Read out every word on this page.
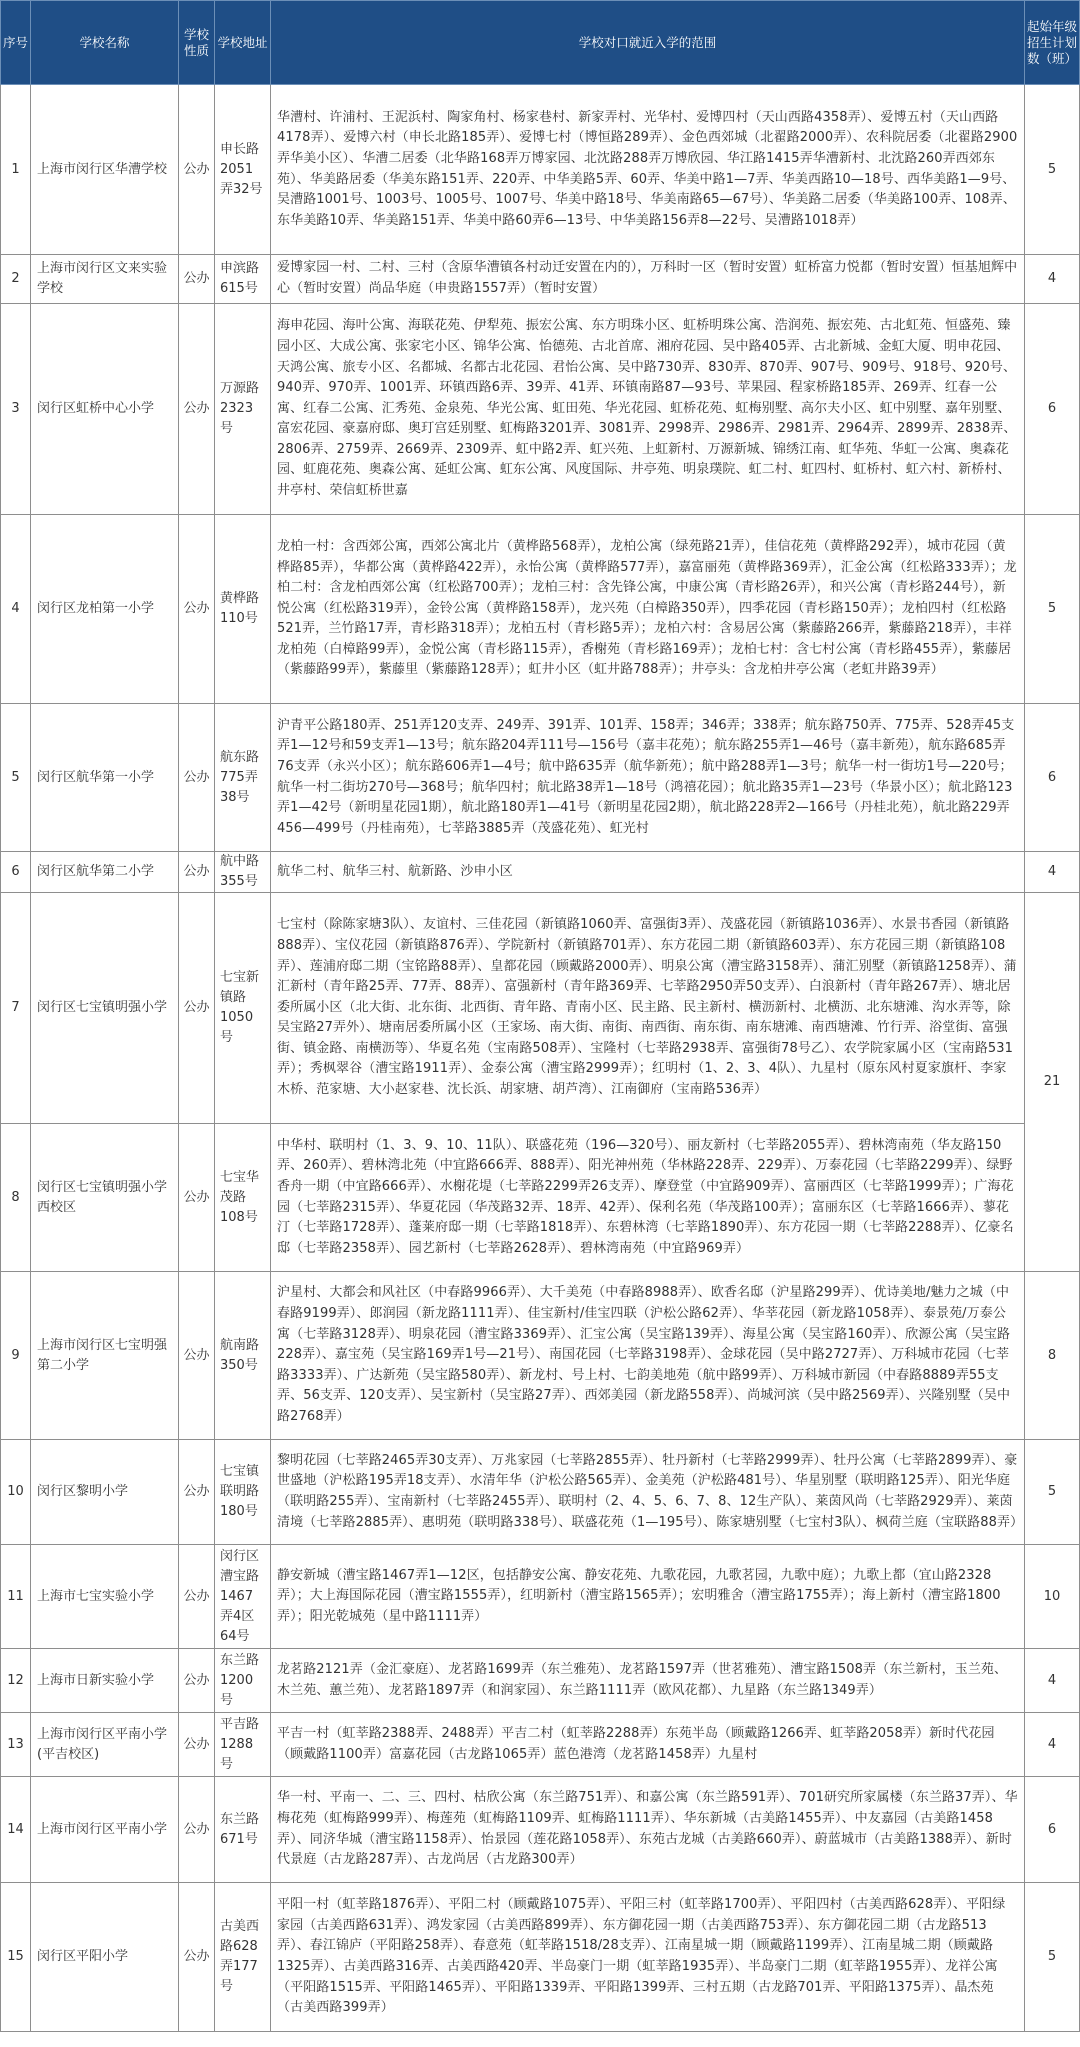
序号	学校名称	学校性质	学校地址	学校对口就近入学的范围	起始年级招生计划数（班）
1	上海市闵行区华漕学校	公办	申长路2051弄32号	华漕村、许浦村、王泥浜村、陶家角村、杨家巷村、新家弄村、光华村、爱博四村（天山西路4358弄）、爱博五村（天山西路4178弄）、爱博六村（申长北路185弄）、爱博七村（博恒路289弄）、金色西郊城（北翟路2000弄）、农科院居委（北翟路2900弄华美小区）、华漕二居委（北华路168弄万博家园、北沈路288弄万博欣园、华江路1415弄华漕新村、北沈路260弄西郊东苑）、华美路居委（华美东路151弄、220弄、中华美路5弄、60弄、华美中路1—7弄、华美西路10—18号、西华美路1—9号、吴漕路1001号、1003号、1005号、1007号、华美中路18号、华美南路65—67号）、华美路二居委（华美路100弄、108弄、东华美路10弄、华美路151弄、华美中路60弄6—13号、中华美路156弄8—22号、吴漕路1018弄）	5
2	上海市闵行区文来实验学校	公办	申滨路615号	爱博家园一村、二村、三村（含原华漕镇各村动迁安置在内的），万科时一区（暂时安置）虹桥富力悦都（暂时安置）恒基旭辉中心（暂时安置）尚品华庭（申贵路1557弄）（暂时安置）	4
3	闵行区虹桥中心小学	公办	万源路2323号	海申花园、海叶公寓、海联花苑、伊犁苑、振宏公寓、东方明珠小区、虹桥明珠公寓、浩润苑、振宏苑、古北虹苑、恒盛苑、臻园小区、大成公寓、张家宅小区、锦华公寓、怡德苑、古北首席、湘府花园、吴中路405弄、古北新城、金虹大厦、明申花园、天鸿公寓、旅专小区、名都城、名都古北花园、君怡公寓、吴中路730弄、830弄、870弄、907号、909号、918号、920号、940弄、970弄、1001弄、环镇西路6弄、39弄、41弄、环镇南路87—93号、苹果园、程家桥路185弄、269弄、红春一公寓、红春二公寓、汇秀苑、金泉苑、华光公寓、虹田苑、华光花园、虹桥花苑、虹梅别墅、高尔夫小区、虹中别墅、嘉年别墅、富宏花园、豪嘉府邸、奥玎宫廷别墅、虹梅路3201弄、3081弄、2998弄、2986弄、2981弄、2964弄、2899弄、2838弄、2806弄、2759弄、2669弄、2309弄、虹中路2弄、虹兴苑、上虹新村、万源新城、锦绣江南、虹华苑、华虹一公寓、奥森花园、虹鹿花苑、奥森公寓、延虹公寓、虹东公寓、风度国际、井亭苑、明泉璞院、虹二村、虹四村、虹桥村、虹六村、新桥村、井亭村、荣信虹桥世嘉	6
4	闵行区龙柏第一小学	公办	黄桦路110号	龙柏一村：含西郊公寓，西郊公寓北片（黄桦路568弄），龙柏公寓（绿苑路21弄），佳信花苑（黄桦路292弄），城市花园（黄桦路85弄），华都公寓（黄桦路422弄），永怡公寓（黄桦路577弄），嘉富丽苑（黄桦路369弄），汇金公寓（红松路333弄）；龙柏二村：含龙柏西郊公寓（红松路700弄）；龙柏三村：含先锋公寓，中康公寓（青杉路26弄），和兴公寓（青杉路244号），新悦公寓（红松路319弄），金铃公寓（黄桦路158弄），龙兴苑（白樟路350弄），四季花园（青杉路150弄）；龙柏四村（红松路521弄，兰竹路17弄，青杉路318弄）；龙柏五村（青杉路5弄）；龙柏六村：含易居公寓（紫藤路266弄，紫藤路218弄），丰祥龙柏苑（白樟路99弄），金悦公寓（青杉路115弄），香榭苑（青杉路169弄）；龙柏七村：含七村公寓（青杉路455弄），紫藤居（紫藤路99弄），紫藤里（紫藤路128弄）；虹井小区（虹井路788弄）；井亭头：含龙柏井亭公寓（老虹井路39弄）	5
5	闵行区航华第一小学	公办	航东路775弄38号	沪青平公路180弄、251弄120支弄、249弄、391弄、101弄、158弄；346弄；338弄；航东路750弄、775弄、528弄45支弄1—12号和59支弄1—13号；航东路204弄111号—156号（嘉丰花苑）；航东路255弄1—46号（嘉丰新苑），航东路685弄76支弄（永兴小区）；航东路606弄1—4号；航中路635弄（航华新苑）；航中路288弄1—3号；航华一村一街坊1号—220号；航华一村二街坊270号—368号；航华四村；航北路38弄1—18号（鸿禧花园）；航北路35弄1—23号（华景小区）；航北路123弄1—42号（新明星花园1期），航北路180弄1—41号（新明星花园2期），航北路228弄2—166号（丹桂北苑），航北路229弄456—499号（丹桂南苑），七莘路3885弄（茂盛花苑）、虹光村	6
6	闵行区航华第二小学	公办	航中路355号	航华二村、航华三村、航新路、沙申小区	4
7	闵行区七宝镇明强小学	公办	七宝新镇路1050号	七宝村（除陈家塘3队）、友谊村、三佳花园（新镇路1060弄、富强街3弄）、茂盛花园（新镇路1036弄）、水景书香园（新镇路888弄）、宝仪花园（新镇路876弄）、学院新村（新镇路701弄）、东方花园二期（新镇路603弄）、东方花园三期（新镇路108弄）、莲浦府邸二期（宝铭路88弄）、皇都花园（顾戴路2000弄）、明泉公寓（漕宝路3158弄）、蒲汇别墅（新镇路1258弄）、蒲汇新村（青年路25弄、77弄、88弄）、富强新村（青年路369弄、七莘路2950弄50支弄）、白浪新村（青年路267弄）、塘北居委所属小区（北大街、北东街、北西街、青年路、青南小区、民主路、民主新村、横沥新村、北横沥、北东塘滩、沟水弄等，除吴宝路27弄外）、塘南居委所属小区（王家场、南大街、南街、南西街、南东街、南东塘滩、南西塘滩、竹行弄、浴堂街、富强街、镇金路、南横沥等）、华夏名苑（宝南路508弄）、宝隆村（七莘路2938弄、富强街78号乙）、农学院家属小区（宝南路531弄）；秀枫翠谷（漕宝路1911弄）、金泰公寓（漕宝路2999弄）；红明村（1、2、3、4队）、九星村（原东风村夏家旗杆、李家木桥、范家塘、大小赵家巷、沈长浜、胡家塘、胡芦湾）、江南御府（宝南路536弄）	21
8	闵行区七宝镇明强小学西校区	公办	七宝华茂路108号	中华村、联明村（1、3、9、10、11队）、联盛花苑（196—320号）、丽友新村（七莘路2055弄）、碧林湾南苑（华友路150弄、260弄）、碧林湾北苑（中宜路666弄、888弄）、阳光神州苑（华林路228弄、229弄）、万泰花园（七莘路2299弄）、绿野香舟一期（中宜路666弄）、水榭花堤（七莘路2299弄26支弄）、摩登堂（中宜路909弄）、富丽西区（七莘路1999弄）；广海花园（七莘路2315弄）、华夏花园（华茂路32弄、18弄、42弄）、保利名苑（华茂路100弄）；富丽东区（七莘路1666弄）、蓼花汀（七莘路1728弄）、蓬莱府邸一期（七莘路1818弄）、东碧林湾（七莘路1890弄）、东方花园一期（七莘路2288弄）、亿豪名邸（七莘路2358弄）、园艺新村（七莘路2628弄）、碧林湾南苑（中宜路969弄）	
9	上海市闵行区七宝明强第二小学	公办	航南路350号	沪星村、大都会和风社区（中春路9966弄）、大千美苑（中春路8988弄）、欧香名邸（沪星路299弄）、优诗美地/魅力之城（中春路9199弄）、郎润园（新龙路1111弄）、佳宝新村/佳宝四联（沪松公路62弄）、华莘花园（新龙路1058弄）、泰景苑/万泰公寓（七莘路3128弄）、明泉花园（漕宝路3369弄）、汇宝公寓（吴宝路139弄）、海星公寓（吴宝路160弄）、欣源公寓（吴宝路228弄）、嘉宝苑（吴宝路169弄1号—21号）、南国花园（七莘路3198弄）、金球花园（吴中路2727弄）、万科城市花园（七莘路3333弄）、广达新苑（吴宝路580弄）、新龙村、号上村、七韵美地苑（航中路99弄）、万科城市新园（中春路8889弄55支弄、56支弄、120支弄）、吴宝新村（吴宝路27弄）、西郊美园（新龙路558弄）、尚城河滨（吴中路2569弄）、兴隆别墅（吴中路2768弄）	8
10	闵行区黎明小学	公办	七宝镇联明路180号	黎明花园（七莘路2465弄30支弄）、万兆家园（七莘路2855弄）、牡丹新村（七莘路2999弄）、牡丹公寓（七莘路2899弄）、豪世盛地（沪松路195弄18支弄）、水清年华（沪松公路565弄）、金美苑（沪松路481号）、华星别墅（联明路125弄）、阳光华庭（联明路255弄）、宝南新村（七莘路2455弄）、联明村（2、4、5、6、7、8、12生产队）、莱茵风尚（七莘路2929弄）、莱茵清境（七莘路2885弄）、惠明苑（联明路338号）、联盛花苑（1—195号）、陈家塘别墅（七宝村3队）、枫荷兰庭（宝联路88弄）	5
11	上海市七宝实验小学	公办	闵行区漕宝路1467弄4区64号	静安新城（漕宝路1467弄1—12区，包括静安公寓、静安花苑、九歌花园，九歌茗园，九歌中庭）；九歌上都（宜山路2328弄）；大上海国际花园（漕宝路1555弄），红明新村（漕宝路1565弄）；宏明雅舍（漕宝路1755弄）；海上新村（漕宝路1800弄）；阳光乾城苑（星中路1111弄）	10
12	上海市日新实验小学	公办	东兰路1200号	龙茗路2121弄（金汇豪庭）、龙茗路1699弄（东兰雅苑）、龙茗路1597弄（世茗雅苑）、漕宝路1508弄（东兰新村，玉兰苑、木兰苑、蕙兰苑）、龙茗路1897弄（和润家园）、东兰路1111弄（欧风花都）、九星路（东兰路1349弄）	4
13	上海市闵行区平南小学(平吉校区)	公办	平吉路1288号	平吉一村（虹莘路2388弄、2488弄）平吉二村（虹莘路2288弄）东苑半岛（顾戴路1266弄、虹莘路2058弄）新时代花园（顾戴路1100弄）富嘉花园（古龙路1065弄）蓝色港湾（龙茗路1458弄）九星村	4
14	上海市闵行区平南小学	公办	东兰路671号	华一村、平南一、二、三、四村、枯欣公寓（东兰路751弄）、和嘉公寓（东兰路591弄）、701研究所家属楼（东兰路37弄）、华梅花苑（虹梅路999弄）、梅莲苑（虹梅路1109弄、虹梅路1111弄）、华东新城（古美路1455弄）、中友嘉园（古美路1458弄）、同济华城（漕宝路1158弄）、怡景园（莲花路1058弄）、东苑古龙城（古美路660弄）、蔚蓝城市（古美路1388弄）、新时代景庭（古龙路287弄）、古龙尚居（古龙路300弄）	6
15	闵行区平阳小学	公办	古美西路628弄177号	平阳一村（虹莘路1876弄）、平阳二村（顾戴路1075弄）、平阳三村（虹莘路1700弄）、平阳四村（古美西路628弄）、平阳绿家园（古美西路631弄）、鸿发家园（古美西路899弄）、东方御花园一期（古美西路753弄）、东方御花园二期（古龙路513弄）、春江锦庐（平阳路258弄）、春意苑（虹莘路1518/28支弄）、江南星城一期（顾戴路1199弄）、江南星城二期（顾戴路1325弄）、古美西路316弄、古美西路420弄、半岛豪门一期（虹莘路1935弄）、半岛豪门二期（虹莘路1955弄）、龙祥公寓（平阳路1515弄、平阳路1465弄）、平阳路1339弄、平阳路1399弄、三村五期（古龙路701弄、平阳路1375弄）、晶杰苑（古美西路399弄）	5
